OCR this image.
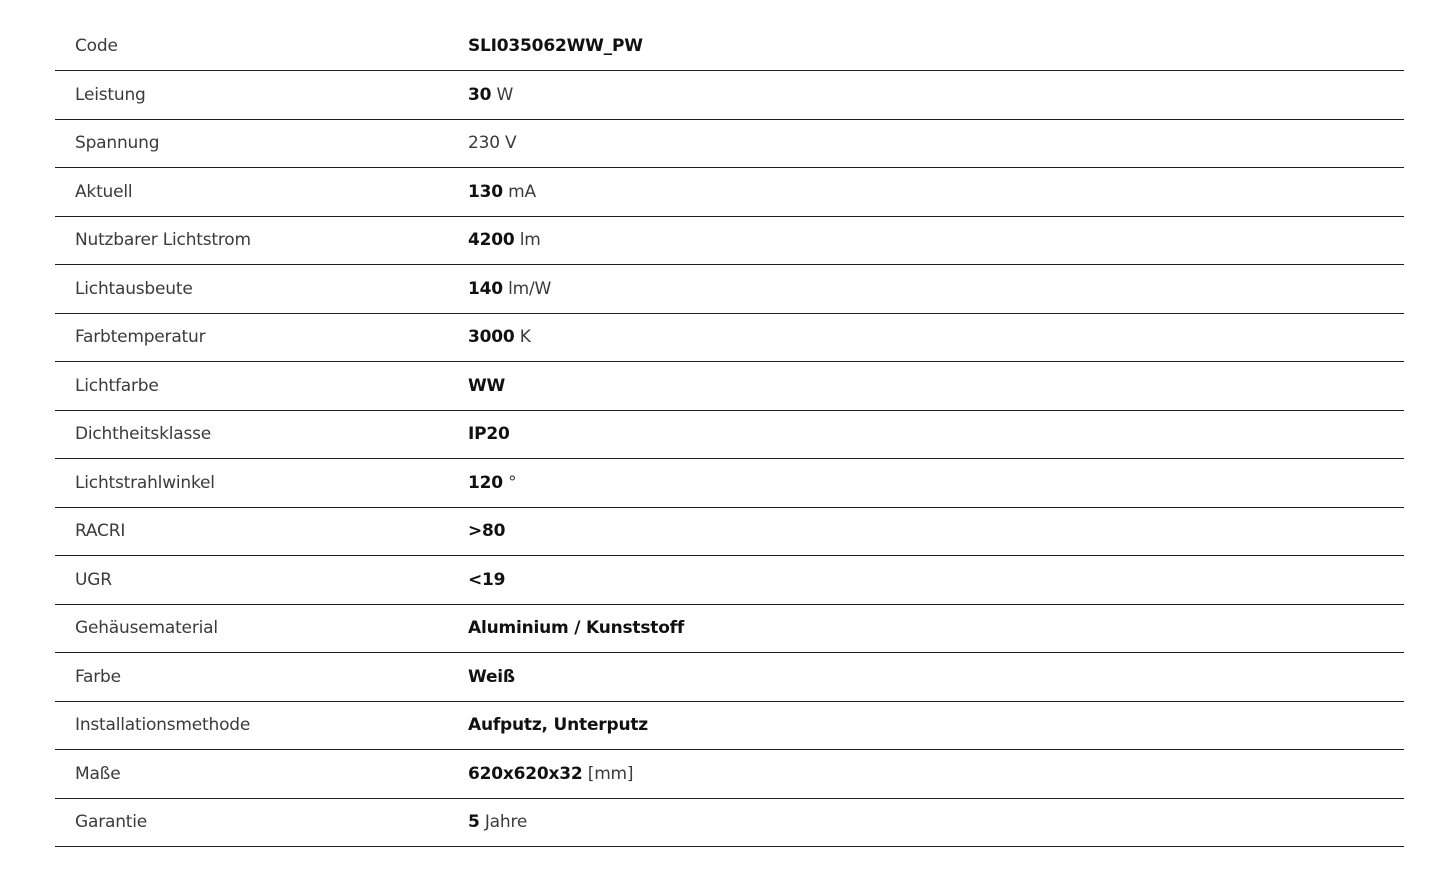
Code	SLI035062WW_PW
Leistung	30 W
Spannung	230 V
Aktuell	130 mA
Nutzbarer Lichtstrom	4200 lm
Lichtausbeute	140 lm/W
Farbtemperatur	3000 K
Lichtfarbe	WW
Dichtheitsklasse	IP20
Lichtstrahlwinkel	120 °
RACRI	>80
UGR	<19
Gehäusematerial	Aluminium / Kunststoff
Farbe	Weiß
Installationsmethode	Aufputz, Unterputz
Maße	620x620x32 [mm]
Garantie	5 Jahre
